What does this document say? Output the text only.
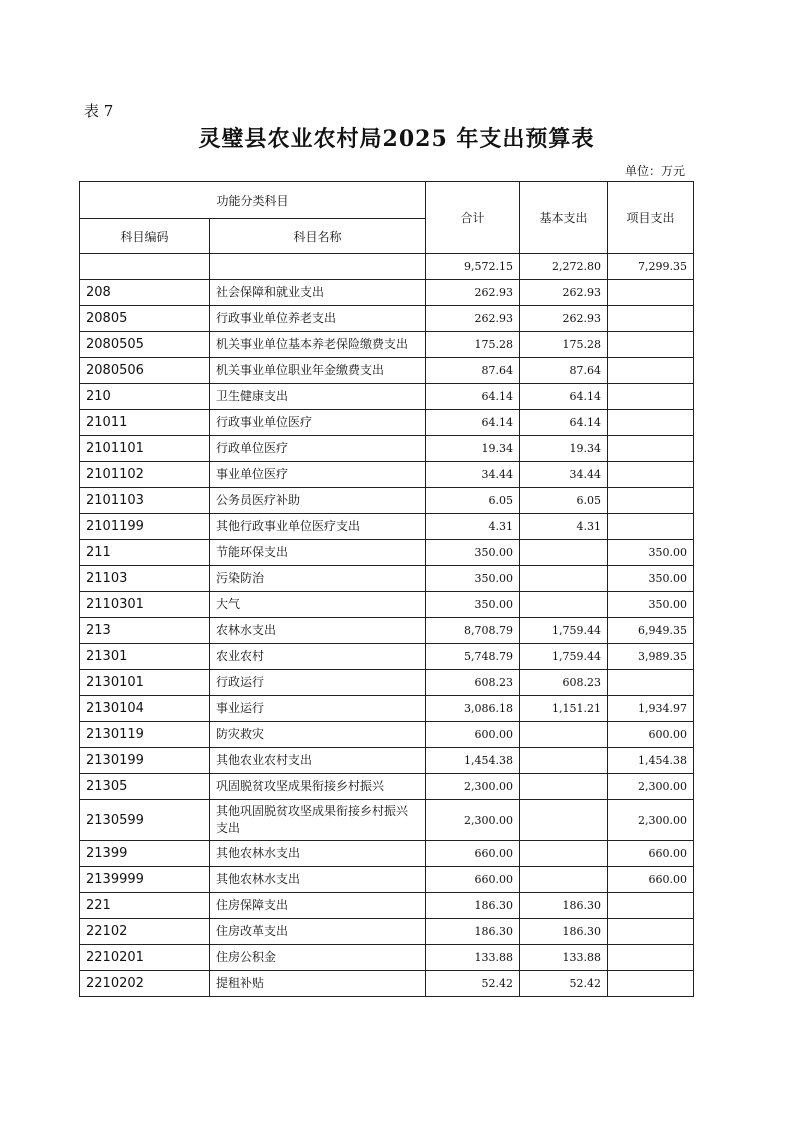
表 7
灵璧县农业农村局2025 年支出预算表
单位：万元
功能分类科目		合计	基本支出	项目支出
科目编码	科目名称			
		9,572.15	2,272.80	7,299.35
208	社会保障和就业支出	262.93	262.93	
20805	行政事业单位养老支出	262.93	262.93	
2080505	机关事业单位基本养老保险缴费支出	175.28	175.28	
2080506	机关事业单位职业年金缴费支出	87.64	87.64	
210	卫生健康支出	64.14	64.14	
21011	行政事业单位医疗	64.14	64.14	
2101101	行政单位医疗	19.34	19.34	
2101102	事业单位医疗	34.44	34.44	
2101103	公务员医疗补助	6.05	6.05	
2101199	其他行政事业单位医疗支出	4.31	4.31	
211	节能环保支出	350.00		350.00
21103	污染防治	350.00		350.00
2110301	大气	350.00		350.00
213	农林水支出	8,708.79	1,759.44	6,949.35
21301	农业农村	5,748.79	1,759.44	3,989.35
2130101	行政运行	608.23	608.23	
2130104	事业运行	3,086.18	1,151.21	1,934.97
2130119	防灾救灾	600.00		600.00
2130199	其他农业农村支出	1,454.38		1,454.38
21305	巩固脱贫攻坚成果衔接乡村振兴	2,300.00		2,300.00
2130599	其他巩固脱贫攻坚成果衔接乡村振兴支出	2,300.00		2,300.00
21399	其他农林水支出	660.00		660.00
2139999	其他农林水支出	660.00		660.00
221	住房保障支出	186.30	186.30	
22102	住房改革支出	186.30	186.30	
2210201	住房公积金	133.88	133.88	
2210202	提租补贴	52.42	52.42	
